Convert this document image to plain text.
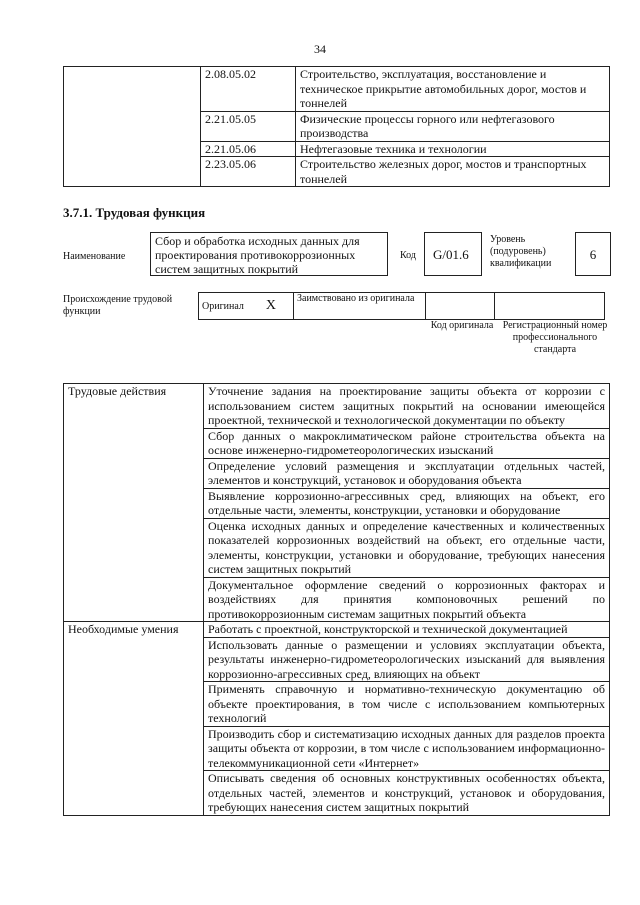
34
	2.08.05.02	Строительство, эксплуатация, восстановление и техническое прикрытие автомобильных дорог, мостов и тоннелей
	2.21.05.05	Физические процессы горного или нефтегазового производства
	2.21.05.06	Нефтегазовые техника и технологии
	2.23.05.06	Строительство железных дорог, мостов и транспортных тоннелей
3.7.1. Трудовая функция
Наименование
Сбор и обработка исходных данных для проектирования противокоррозионных систем защитных покрытий
Код	G/01.6
Уровень (подуровень) квалификации
6
Происхождение трудовой функции	Оригинал X	Заимствовано из оригинала		
Код оригинала Регистрационный номер профессионального стандарта
Трудовые действия	Уточнение задания на проектирование защиты объекта от коррозии с использованием систем защитных покрытий на основании имеющейся проектной, технической и технологической документации по объекту
	Сбор данных о макроклиматическом районе строительства объекта на основе инженерно-гидрометеорологических изысканий
	Определение условий размещения и эксплуатации отдельных частей, элементов и конструкций, установок и оборудования объекта
	Выявление коррозионно-агрессивных сред, влияющих на объект, его отдельные части, элементы, конструкции, установки и оборудование
	Оценка исходных данных и определение качественных и количественных показателей коррозионных воздействий на объект, его отдельные части, элементы, конструкции, установки и оборудование, требующих нанесения систем защитных покрытий
	Документальное оформление сведений о коррозионных факторах и воздействиях для принятия компоновочных решений по противокоррозионным системам защитных покрытий объекта
Необходимые умения	Работать с проектной, конструкторской и технической документацией
	Использовать данные о размещении и условиях эксплуатации объекта, результаты инженерно-гидрометеорологических изысканий для выявления коррозионно-агрессивных сред, влияющих на объект
	Применять справочную и нормативно-техническую документацию об объекте проектирования, в том числе с использованием компьютерных технологий
	Производить сбор и систематизацию исходных данных для разделов проекта защиты объекта от коррозии, в том числе с использованием информационно-телекоммуникационной сети «Интернет»
	Описывать сведения об основных конструктивных особенностях объекта, отдельных частей, элементов и конструкций, установок и оборудования, требующих нанесения систем защитных покрытий
